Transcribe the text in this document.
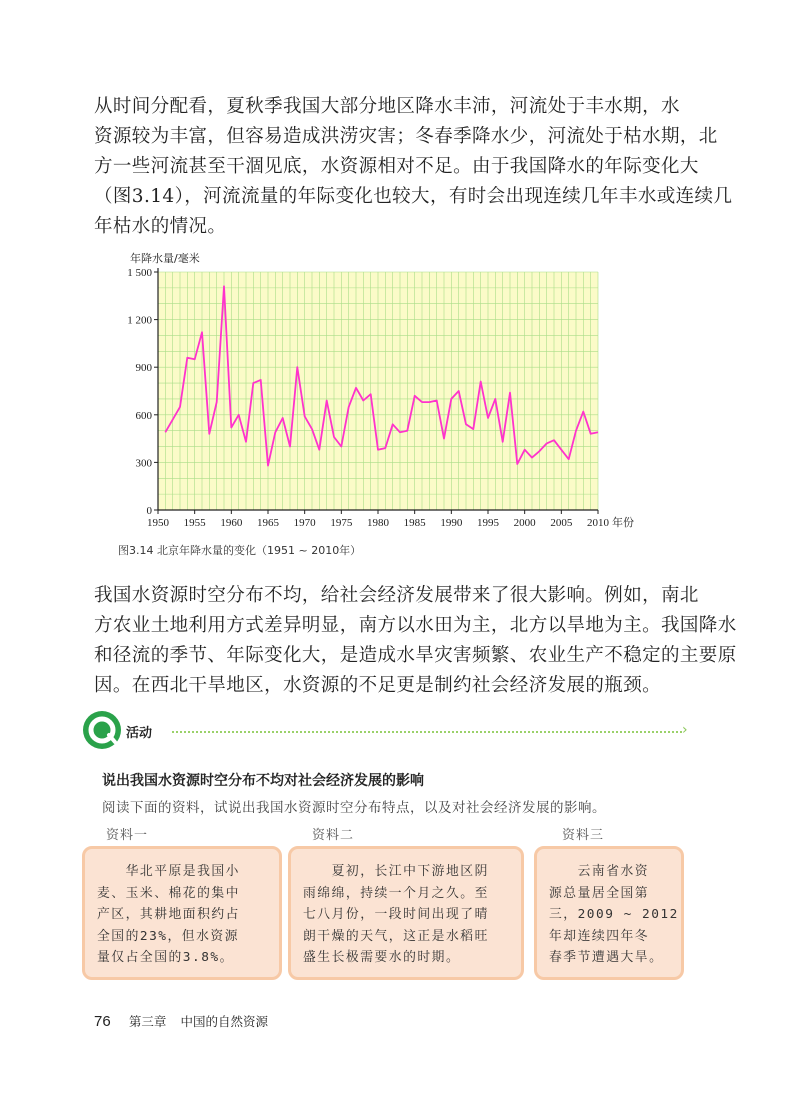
从时间分配看，夏秋季我国大部分地区降水丰沛，河流处于丰水期，水
资源较为丰富，但容易造成洪涝灾害；冬春季降水少，河流处于枯水期，北
方一些河流甚至干涸见底，水资源相对不足。由于我国降水的年际变化大
（图3.14），河流流量的年际变化也较大，有时会出现连续几年丰水或连续几
年枯水的情况。
0
300
600
900
1 200
1 500
1950 1955 1960 1965 1970 1975 1980 1985 1990 1995 2000 2005 2010
年降水量/毫米
年份
图3.14 北京年降水量的变化（1951 ~ 2010年）
我国水资源时空分布不均，给社会经济发展带来了很大影响。例如，南北
方农业土地利用方式差异明显，南方以水田为主，北方以旱地为主。我国降水
和径流的季节、年际变化大，是造成水旱灾害频繁、农业生产不稳定的主要原
因。在西北干旱地区，水资源的不足更是制约社会经济发展的瓶颈。
活动	›
说出我国水资源时空分布不均对社会经济发展的影响
阅读下面的资料，试说出我国水资源时空分布特点，以及对社会经济发展的影响。
资料一	资料二	资料三
　　华北平原是我国小
麦、玉米、棉花的集中
产区，其耕地面积约占
全国的23%，但水资源
量仅占全国的3.8%。
　　夏初，长江中下游地区阴
雨绵绵，持续一个月之久。至
七八月份，一段时间出现了晴
朗干燥的天气，这正是水稻旺
盛生长极需要水的时期。
　　云南省水资
源总量居全国第
三，2009 ~ 2012
年却连续四年冬
春季节遭遇大旱。
76 第三章 中国的自然资源
